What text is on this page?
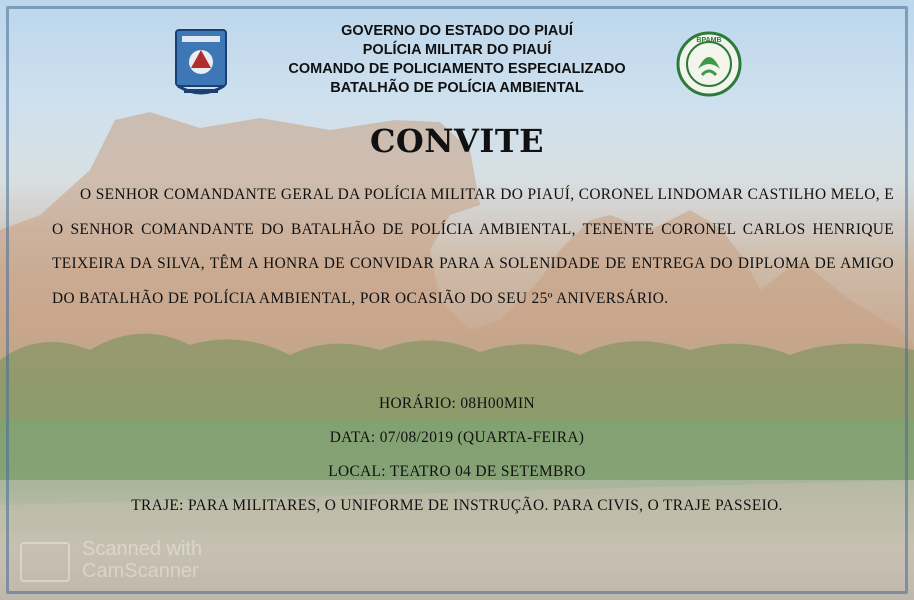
BPAMB
GOVERNO DO ESTADO DO PIAUÍ
POLÍCIA MILITAR DO PIAUÍ
COMANDO DE POLICIAMENTO ESPECIALIZADO
BATALHÃO DE POLÍCIA AMBIENTAL
CONVITE
O SENHOR COMANDANTE GERAL DA POLÍCIA MILITAR DO PIAUÍ, CORONEL LINDOMAR CASTILHO MELO, E O SENHOR COMANDANTE DO BATALHÃO DE POLÍCIA AMBIENTAL, TENENTE CORONEL CARLOS HENRIQUE TEIXEIRA DA SILVA, TÊM A HONRA DE CONVIDAR PARA A SOLENIDADE DE ENTREGA DO DIPLOMA DE AMIGO DO BATALHÃO DE POLÍCIA AMBIENTAL, POR OCASIÃO DO SEU 25º ANIVERSÁRIO.
HORÁRIO: 08H00MIN
DATA: 07/08/2019 (QUARTA-FEIRA)
LOCAL: TEATRO 04 DE SETEMBRO
TRAJE: PARA MILITARES, O UNIFORME DE INSTRUÇÃO. PARA CIVIS, O TRAJE PASSEIO.
Scanned with
CamScanner
